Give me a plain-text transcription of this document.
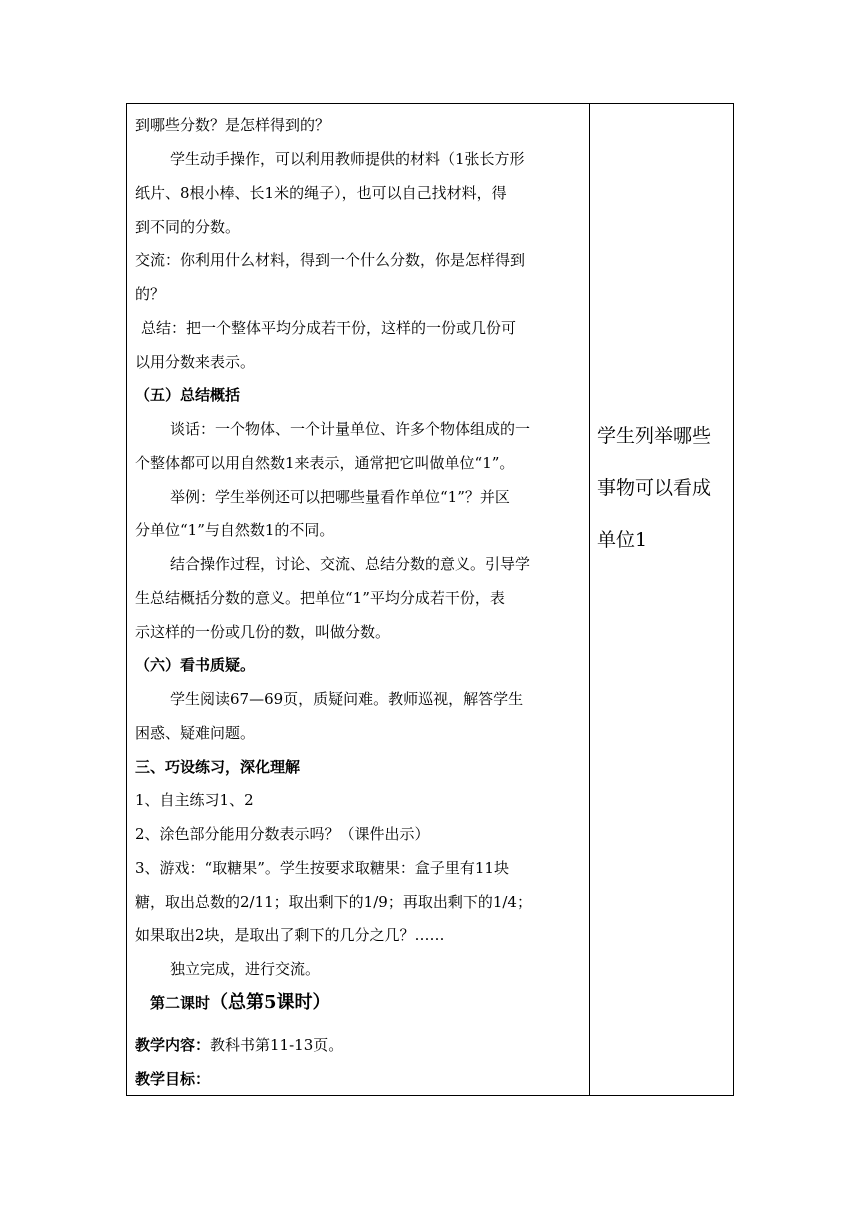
到哪些分数？是怎样得到的？
学生动手操作，可以利用教师提供的材料（1张长方形
纸片、8根小棒、长1米的绳子），也可以自己找材料，得
到不同的分数。
交流：你利用什么材料，得到一个什么分数，你是怎样得到
的？
总结：把一个整体平均分成若干份，这样的一份或几份可
以用分数来表示。
（五）总结概括
谈话：一个物体、一个计量单位、许多个物体组成的一
个整体都可以用自然数1来表示，通常把它叫做单位“1”。
举例：学生举例还可以把哪些量看作单位“1”？并区
分单位“1”与自然数1的不同。
结合操作过程，讨论、交流、总结分数的意义。引导学
生总结概括分数的意义。把单位“1”平均分成若干份，表
示这样的一份或几份的数，叫做分数。
（六）看书质疑。
学生阅读67—69页，质疑问难。教师巡视，解答学生
困惑、疑难问题。
三、巧设练习，深化理解
1、自主练习1、2
2、涂色部分能用分数表示吗？（课件出示）
3、游戏：“取糖果”。学生按要求取糖果：盒子里有11块
糖，取出总数的2/11；取出剩下的1/9；再取出剩下的1/4；
如果取出2块，是取出了剩下的几分之几？……
独立完成，进行交流。
第二课时（总第5课时）
教学内容：教科书第11-13页。
教学目标：
学生列举哪些
事物可以看成
单位1
